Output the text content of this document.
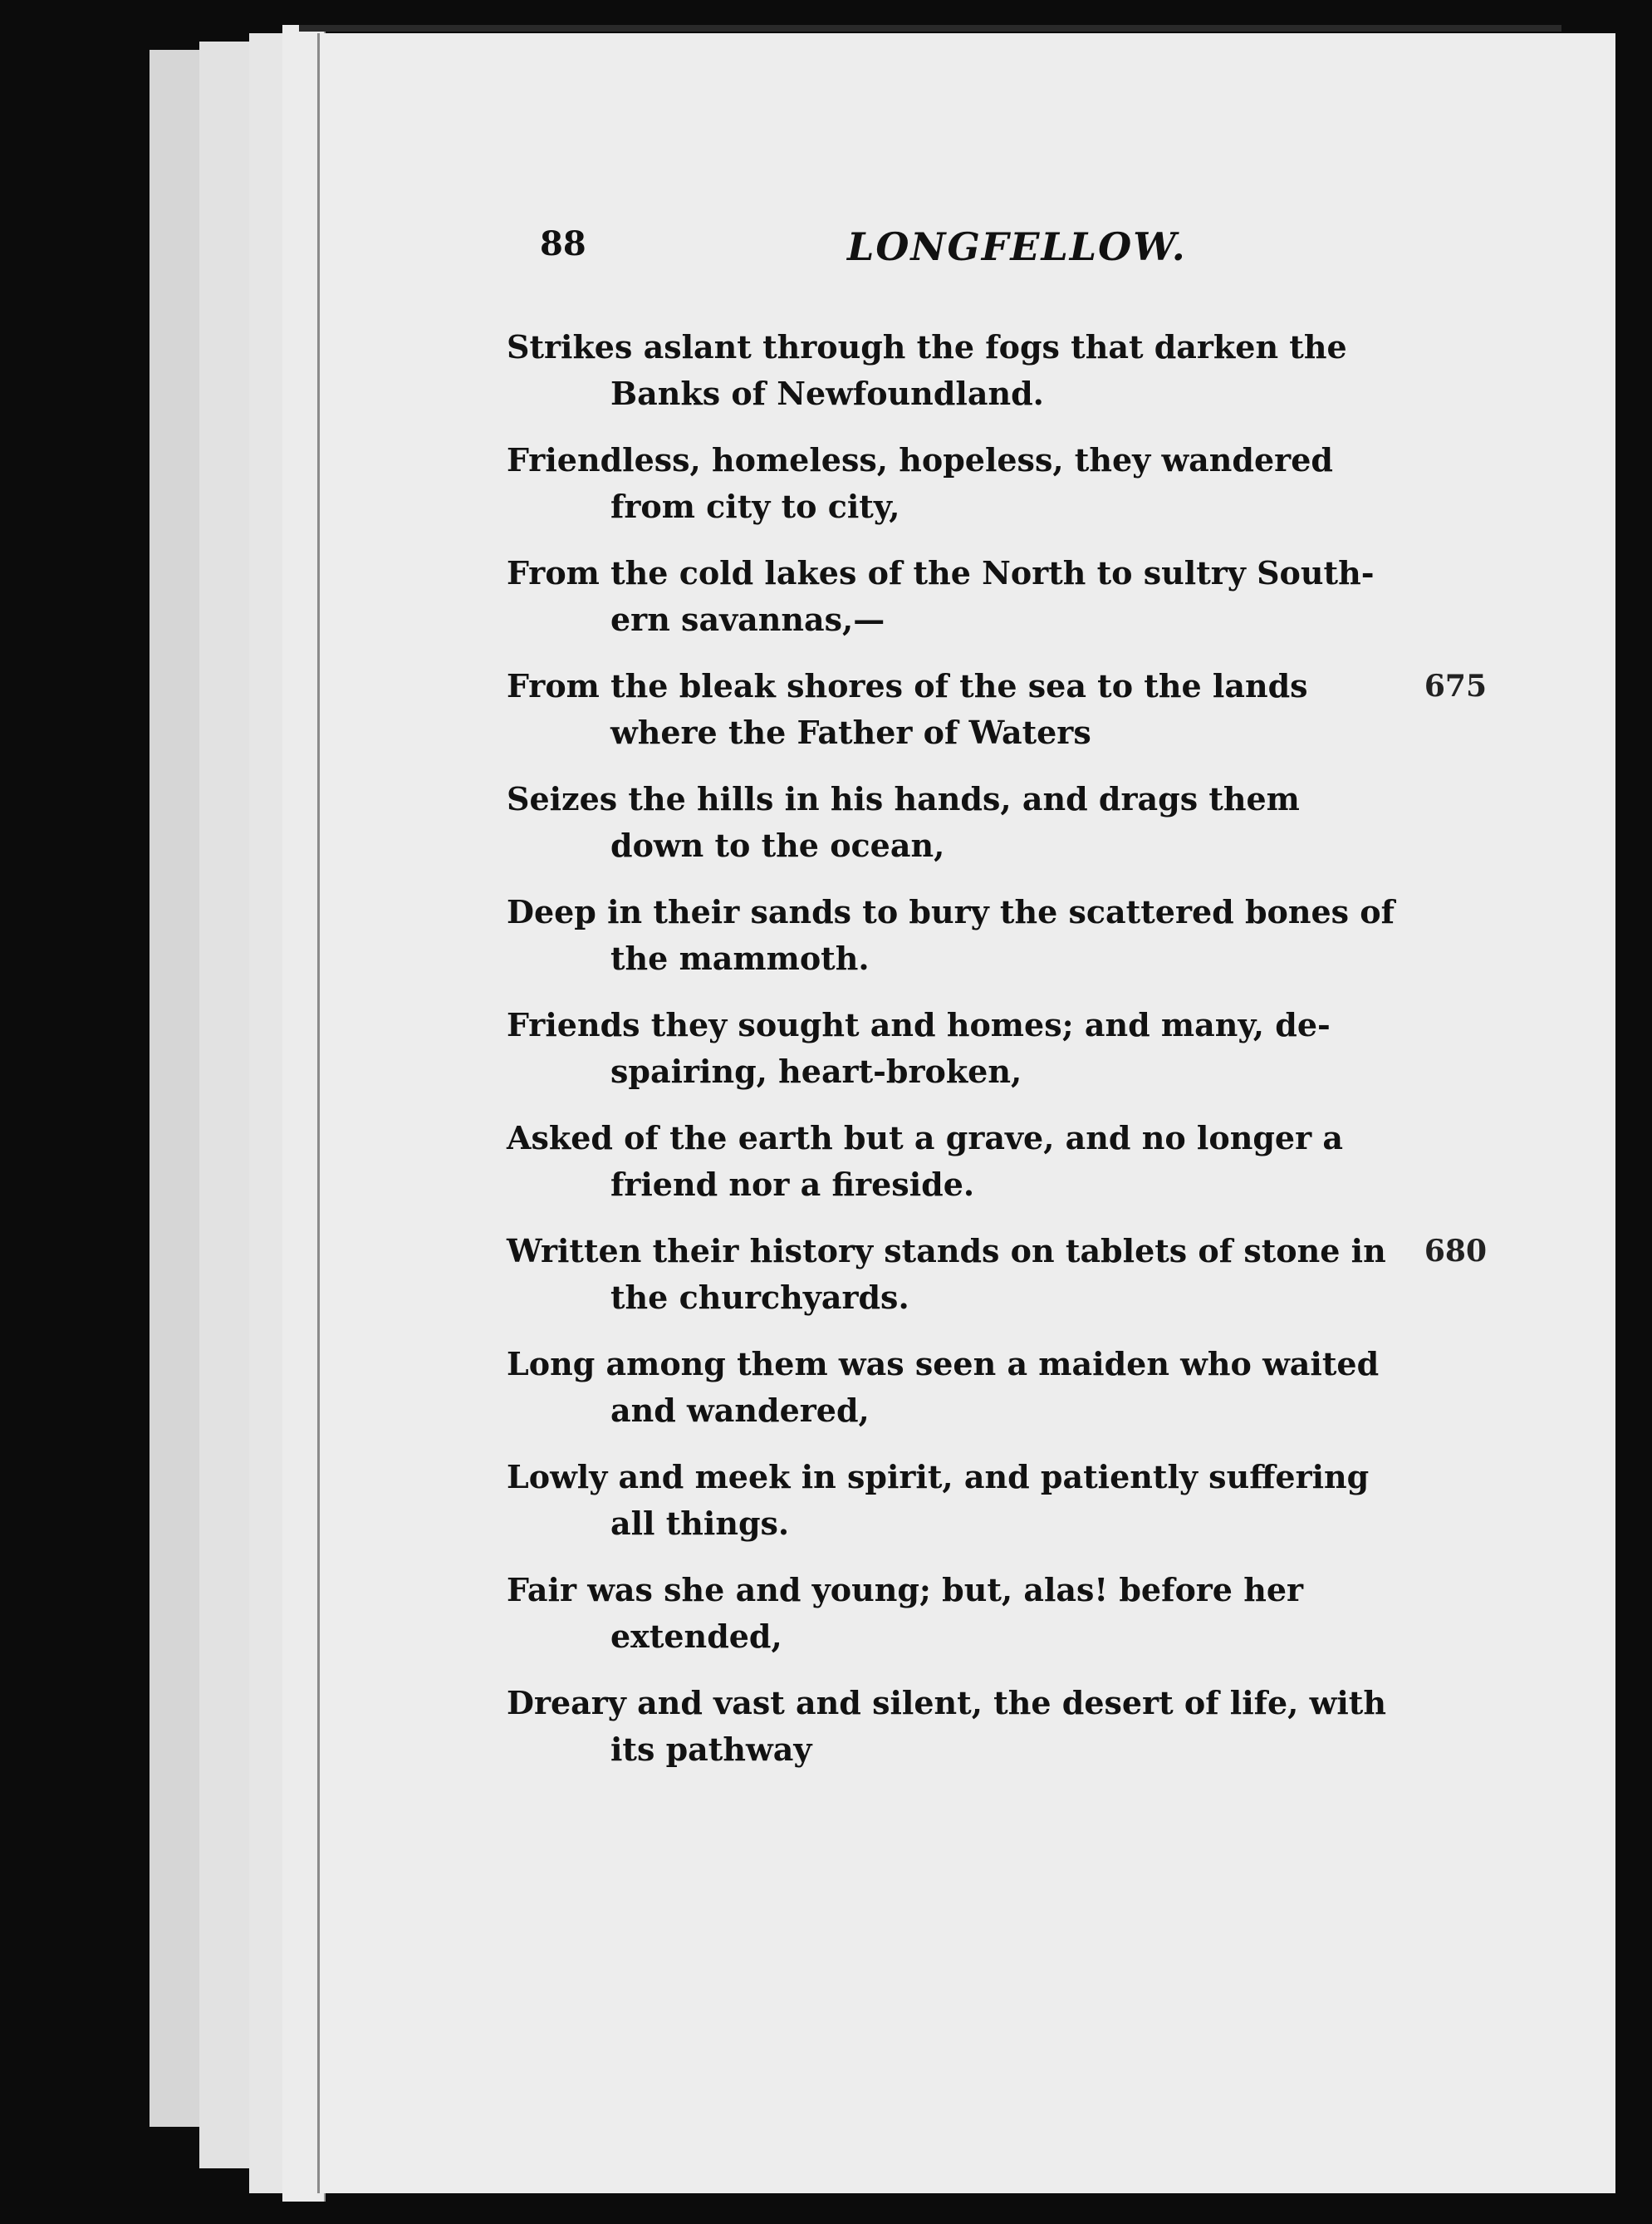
88	LONGFELLOW.
Strikes aslant through the fogs that darken the
Banks of Newfoundland.
Friendless, homeless, hopeless, they wandered
from city to city,
From the cold lakes of the North to sultry South-
ern savannas,—
From the bleak shores of the sea to the lands
where the Father of Waters
675
Seizes the hills in his hands, and drags them
down to the ocean,
Deep in their sands to bury the scattered bones of
the mammoth.
Friends they sought and homes; and many, de-
spairing, heart-broken,
Asked of the earth but a grave, and no longer a
friend nor a fireside.
Written their history stands on tablets of stone in
the churchyards.
680
Long among them was seen a maiden who waited
and wandered,
Lowly and meek in spirit, and patiently suffering
all things.
Fair was she and young; but, alas! before her
extended,
Dreary and vast and silent, the desert of life, with
its pathway
